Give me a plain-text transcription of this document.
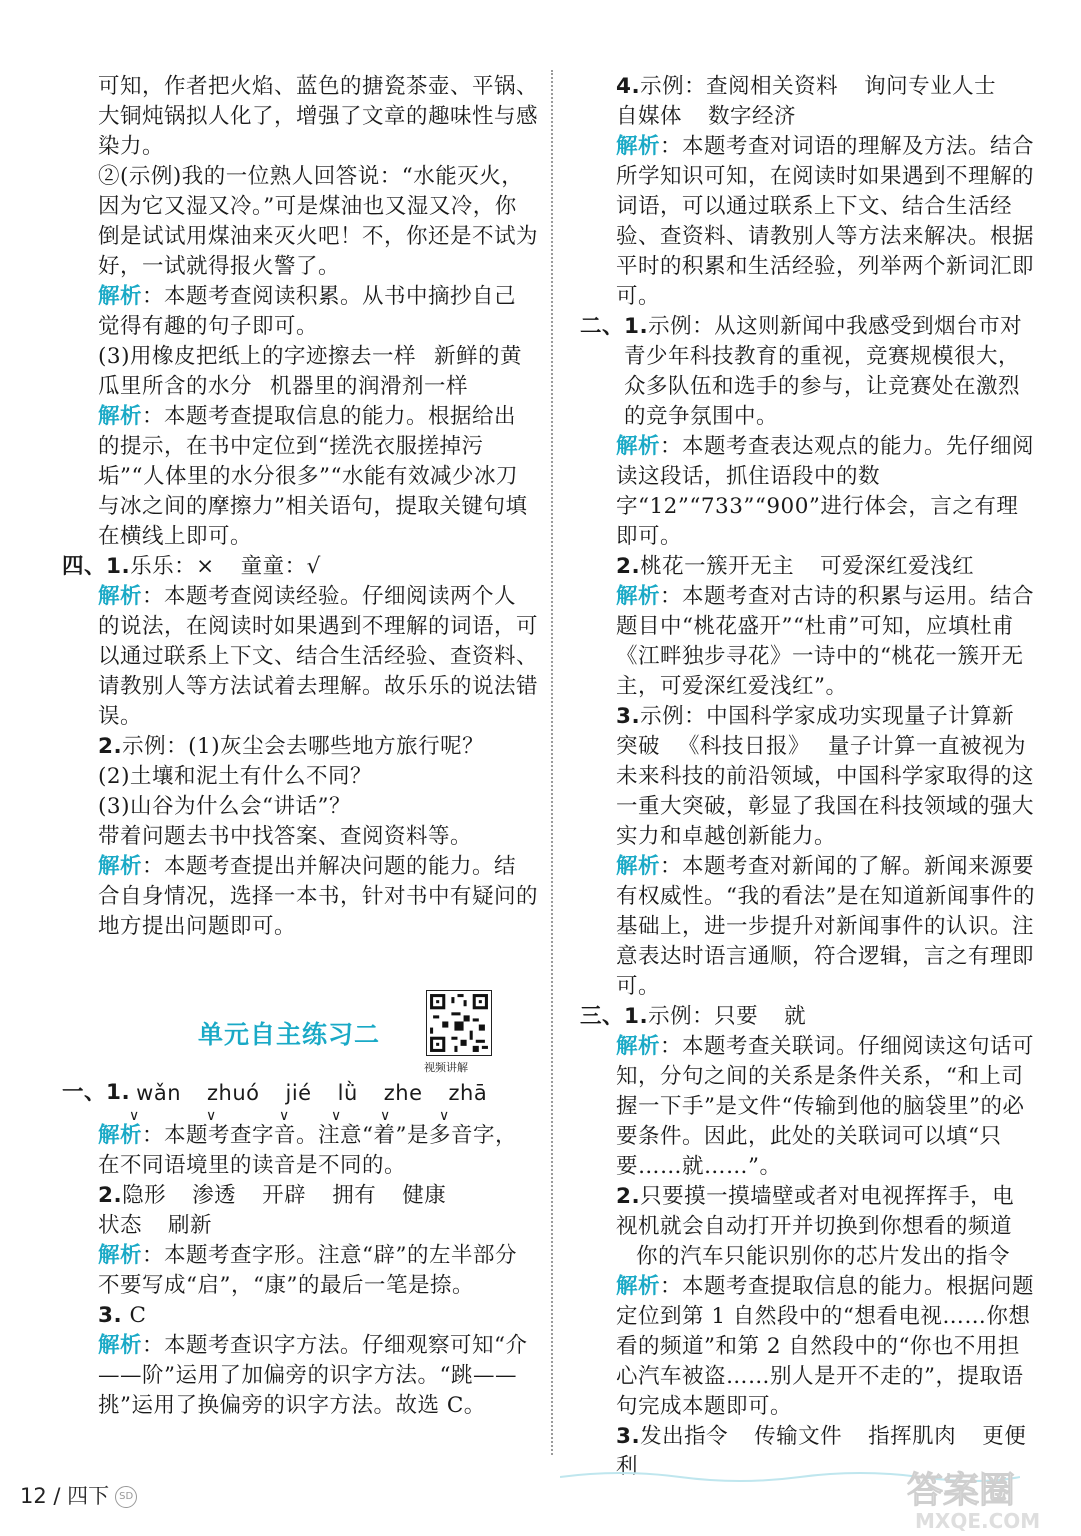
可知，作者把火焰、蓝色的搪瓷茶壶、平锅、大铜炖锅拟人化了，增强了文章的趣味性与感染力。

②(示例)我的一位熟人回答说：“水能灭火，因为它又湿又冷。”可是煤油也又湿又冷，你倒是试试用煤油来灭火吧！不，你还是不试为好，一试就得报火警了。

解析：本题考查阅读积累。从书中摘抄自己觉得有趣的句子即可。

(3)用橡皮把纸上的字迹擦去一样 新鲜的黄瓜里所含的水分 机器里的润滑剂一样

解析：本题考查提取信息的能力。根据给出的提示，在书中定位到“搓洗衣服搓掉污垢”“人体里的水分很多”“水能有效减少冰刀与冰之间的摩擦力”相关语句，提取关键句填在横线上即可。

四、 1.乐乐：× 童童：√

解析：本题考查阅读经验。仔细阅读两个人的说法，在阅读时如果遇到不理解的词语，可以通过联系上下文、结合生活经验、查资料、请教别人等方法试着去理解。故乐乐的说法错误。

2.示例：(1)灰尘会去哪些地方旅行呢？

(2)土壤和泥土有什么不同？

(3)山谷为什么会“讲话”？

带着问题去书中找答案、查阅资料等。

解析：本题考查提出并解决问题的能力。结合自身情况，选择一本书，针对书中有疑问的地方提出问题即可。

单元自主练习二
视频讲解
一、 1. wǎn zhuó jié lǜ zhe zhā
∨	∨	∨	∨	∨	∨

解析：本题考查字音。注意“着”是多音字，在不同语境里的读音是不同的。

2.隐形 渗透 开辟 拥有 健康

状态 刷新

解析：本题考查字形。注意“辟”的左半部分不要写成“启”，“康”的最后一笔是捺。

3. C

解析：本题考查识字方法。仔细观察可知“介——阶”运用了加偏旁的识字方法。“跳——挑”运用了换偏旁的识字方法。故选 C。

4.示例：查阅相关资料 询问专业人士

自媒体 数字经济

解析：本题考查对词语的理解及方法。结合所学知识可知，在阅读时如果遇到不理解的词语，可以通过联系上下文、结合生活经验、查资料、请教别人等方法来解决。根据平时的积累和生活经验，列举两个新词汇即可。

二、 1.示例：从这则新闻中我感受到烟台市对青少年科技教育的重视，竞赛规模很大，众多队伍和选手的参与，让竞赛处在激烈的竞争氛围中。

解析：本题考查表达观点的能力。先仔细阅读这段话，抓住语段中的数字“12”“733”“900”进行体会，言之有理即可。

2.桃花一簇开无主 可爱深红爱浅红

解析：本题考查对古诗的积累与运用。结合题目中“桃花盛开”“杜甫”可知，应填杜甫《江畔独步寻花》一诗中的“桃花一簇开无主，可爱深红爱浅红”。

3.示例：中国科学家成功实现量子计算新突破 《科技日报》 量子计算一直被视为未来科技的前沿领域，中国科学家取得的这一重大突破，彰显了我国在科技领域的强大实力和卓越创新能力。

解析：本题考查对新闻的了解。新闻来源要有权威性。“我的看法”是在知道新闻事件的基础上，进一步提升对新闻事件的认识。注意表达时语言通顺，符合逻辑，言之有理即可。

三、 1.示例：只要 就

解析：本题考查关联词。仔细阅读这句话可知，分句之间的关系是条件关系，“和上司握一下手”是文件“传输到他的脑袋里”的必要条件。因此，此处的关联词可以填“只要……就……”。

2.只要摸一摸墙壁或者对电视挥挥手，电视机就会自动打开并切换到你想看的频道

你的汽车只能识别你的芯片发出的指令

解析：本题考查提取信息的能力。根据问题定位到第 1 自然段中的“想看电视……你想看的频道”和第 2 自然段中的“你也不用担心汽车被盗……别人是开不走的”，提取语句完成本题即可。

3.发出指令 传输文件 指挥肌肉 更便利

12 / 四下 SD	答案圈
MXQE.COM
